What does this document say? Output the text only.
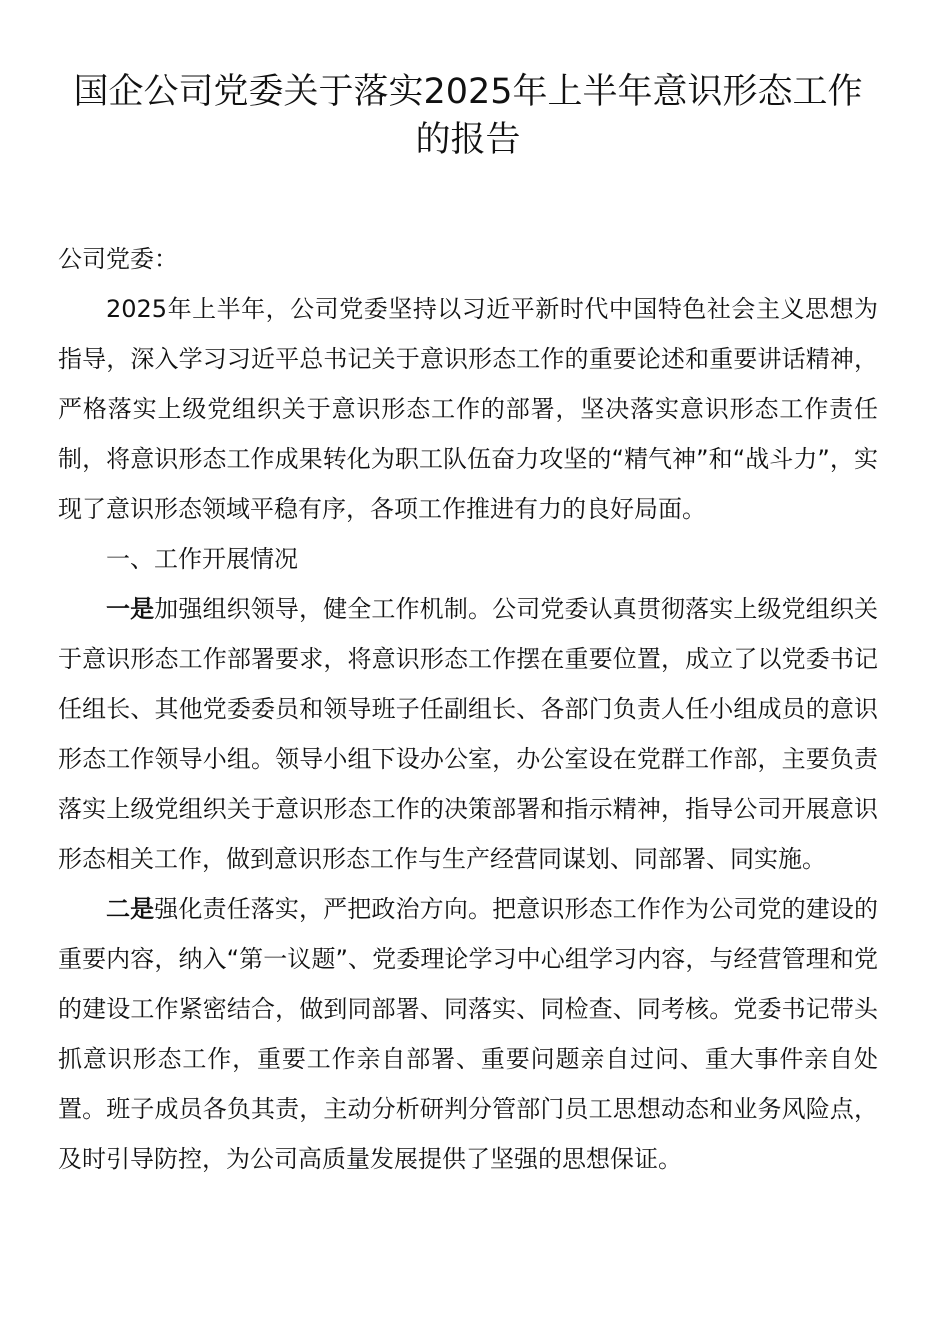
国企公司党委关于落实2025年上半年意识形态工作的报告

公司党委：

2025年上半年，公司党委坚持以习近平新时代中国特色社会主义思想为指导，深入学习习近平总书记关于意识形态工作的重要论述和重要讲话精神，严格落实上级党组织关于意识形态工作的部署，坚决落实意识形态工作责任制，将意识形态工作成果转化为职工队伍奋力攻坚的“精气神”和“战斗力”，实现了意识形态领域平稳有序，各项工作推进有力的良好局面。

一、工作开展情况

一是加强组织领导，健全工作机制。公司党委认真贯彻落实上级党组织关于意识形态工作部署要求，将意识形态工作摆在重要位置，成立了以党委书记任组长、其他党委委员和领导班子任副组长、各部门负责人任小组成员的意识形态工作领导小组。领导小组下设办公室，办公室设在党群工作部，主要负责落实上级党组织关于意识形态工作的决策部署和指示精神，指导公司开展意识形态相关工作，做到意识形态工作与生产经营同谋划、同部署、同实施。

二是强化责任落实，严把政治方向。把意识形态工作作为公司党的建设的重要内容，纳入“第一议题”、党委理论学习中心组学习内容，与经营管理和党的建设工作紧密结合，做到同部署、同落实、同检查、同考核。党委书记带头抓意识形态工作，重要工作亲自部署、重要问题亲自过问、重大事件亲自处置。班子成员各负其责，主动分析研判分管部门员工思想动态和业务风险点，及时引导防控，为公司高质量发展提供了坚强的思想保证。
